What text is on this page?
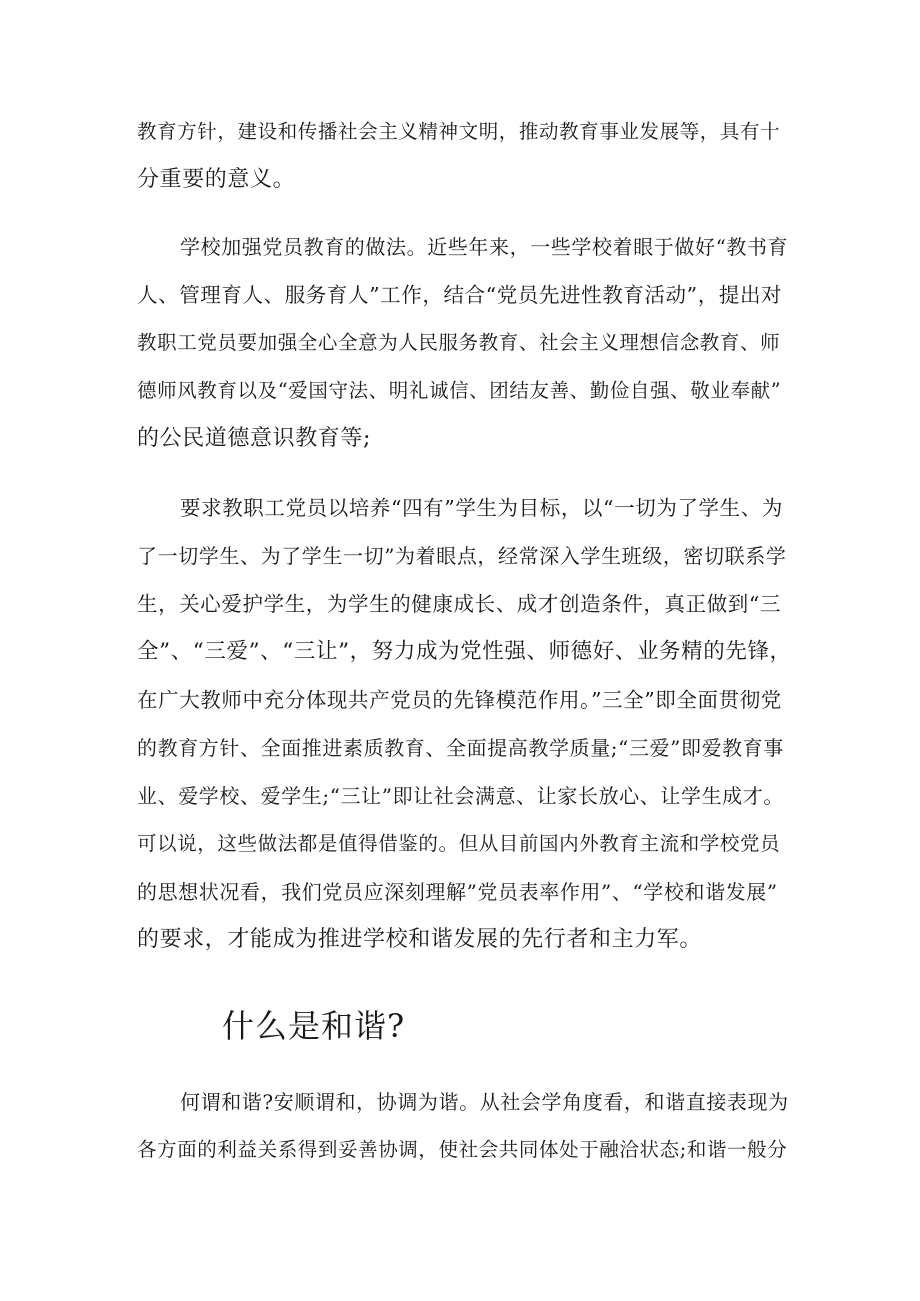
教育方针，建设和传播社会主义精神文明，推动教育事业发展等，具有十
分重要的意义。
学校加强党员教育的做法。近些年来，一些学校着眼于做好“教书育
人、管理育人、服务育人”工作，结合“党员先进性教育活动”，提出对
教职工党员要加强全心全意为人民服务教育、社会主义理想信念教育、师
德师风教育以及“爱国守法、明礼诚信、团结友善、勤俭自强、敬业奉献”
的公民道德意识教育等;
要求教职工党员以培养“四有”学生为目标，以“一切为了学生、为
了一切学生、为了学生一切”为着眼点，经常深入学生班级，密切联系学
生，关心爱护学生，为学生的健康成长、成才创造条件，真正做到“三
全”、“三爱”、“三让”，努力成为党性强、师德好、业务精的先锋，
在广大教师中充分体现共产党员的先锋模范作用。”三全”即全面贯彻党
的教育方针、全面推进素质教育、全面提高教学质量;“三爱”即爱教育事
业、爱学校、爱学生;“三让”即让社会满意、让家长放心、让学生成才。
可以说，这些做法都是值得借鉴的。但从目前国内外教育主流和学校党员
的思想状况看，我们党员应深刻理解”党员表率作用”、“学校和谐发展”
的要求，才能成为推进学校和谐发展的先行者和主力军。
什么是和谐?
何谓和谐?安顺谓和，协调为谐。从社会学角度看，和谐直接表现为
各方面的利益关系得到妥善协调，使社会共同体处于融洽状态;和谐一般分
